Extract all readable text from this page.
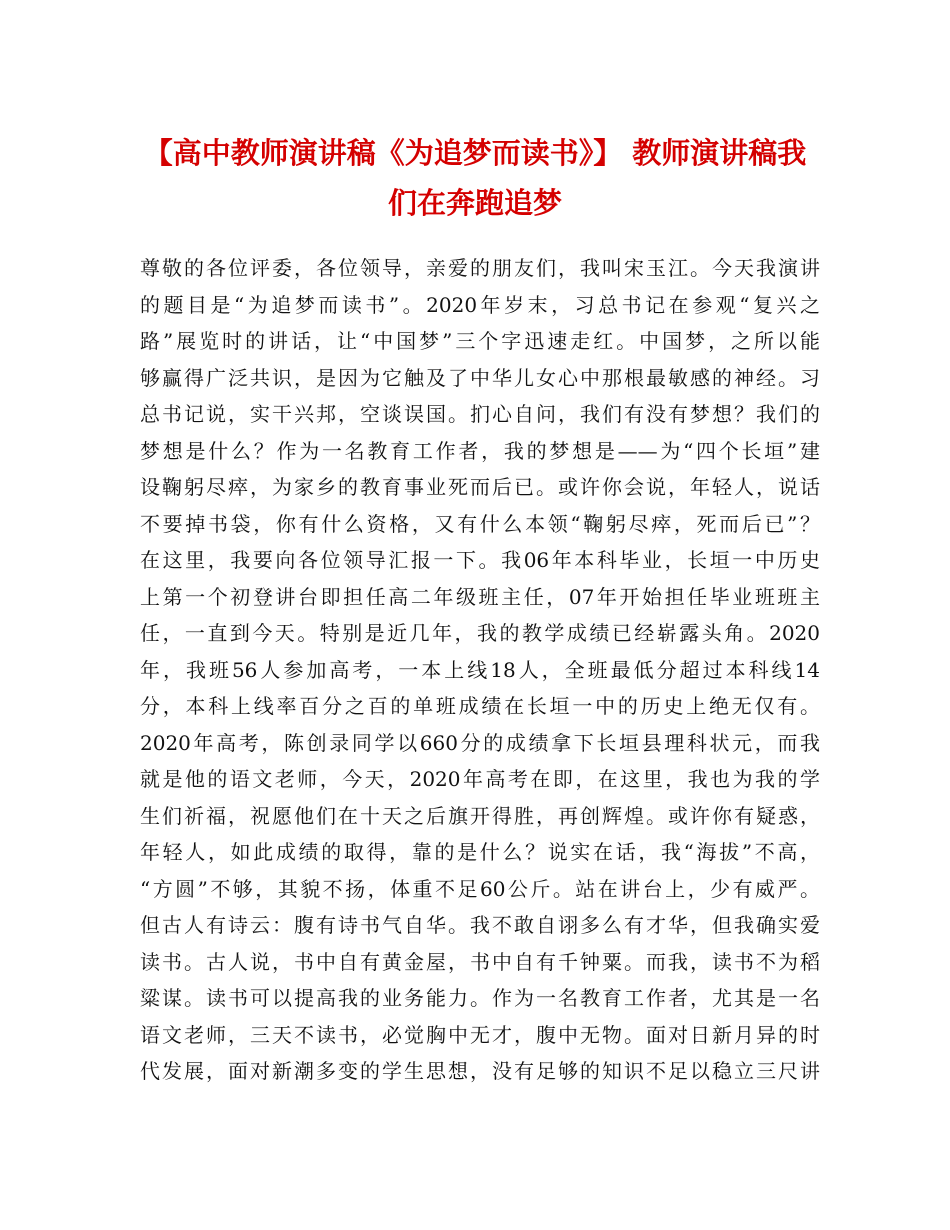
【高中教师演讲稿《为追梦而读书》】 教师演讲稿我
们在奔跑追梦
尊敬的各位评委，各位领导，亲爱的朋友们，我叫宋玉江。今天我演讲
的题目是“为追梦而读书”。2020年岁末，习总书记在参观“复兴之
路”展览时的讲话，让“中国梦”三个字迅速走红。中国梦，之所以能
够赢得广泛共识，是因为它触及了中华儿女心中那根最敏感的神经。习
总书记说，实干兴邦，空谈误国。扪心自问，我们有没有梦想？我们的
梦想是什么？作为一名教育工作者，我的梦想是——为“四个长垣”建
设鞠躬尽瘁，为家乡的教育事业死而后已。或许你会说，年轻人，说话
不要掉书袋，你有什么资格，又有什么本领“鞠躬尽瘁，死而后已”？
在这里，我要向各位领导汇报一下。我06年本科毕业，长垣一中历史
上第一个初登讲台即担任高二年级班主任，07年开始担任毕业班班主
任，一直到今天。特别是近几年，我的教学成绩已经崭露头角。2020
年，我班56人参加高考，一本上线18人，全班最低分超过本科线14
分，本科上线率百分之百的单班成绩在长垣一中的历史上绝无仅有。
2020年高考，陈创录同学以660分的成绩拿下长垣县理科状元，而我
就是他的语文老师，今天，2020年高考在即，在这里，我也为我的学
生们祈福，祝愿他们在十天之后旗开得胜，再创辉煌。或许你有疑惑，
年轻人，如此成绩的取得，靠的是什么？说实在话，我“海拔”不高，
“方圆”不够，其貌不扬，体重不足60公斤。站在讲台上，少有威严。
但古人有诗云：腹有诗书气自华。我不敢自诩多么有才华，但我确实爱
读书。古人说，书中自有黄金屋，书中自有千钟粟。而我，读书不为稻
粱谋。读书可以提高我的业务能力。作为一名教育工作者，尤其是一名
语文老师，三天不读书，必觉胸中无才，腹中无物。面对日新月异的时
代发展，面对新潮多变的学生思想，没有足够的知识不足以稳立三尺讲
